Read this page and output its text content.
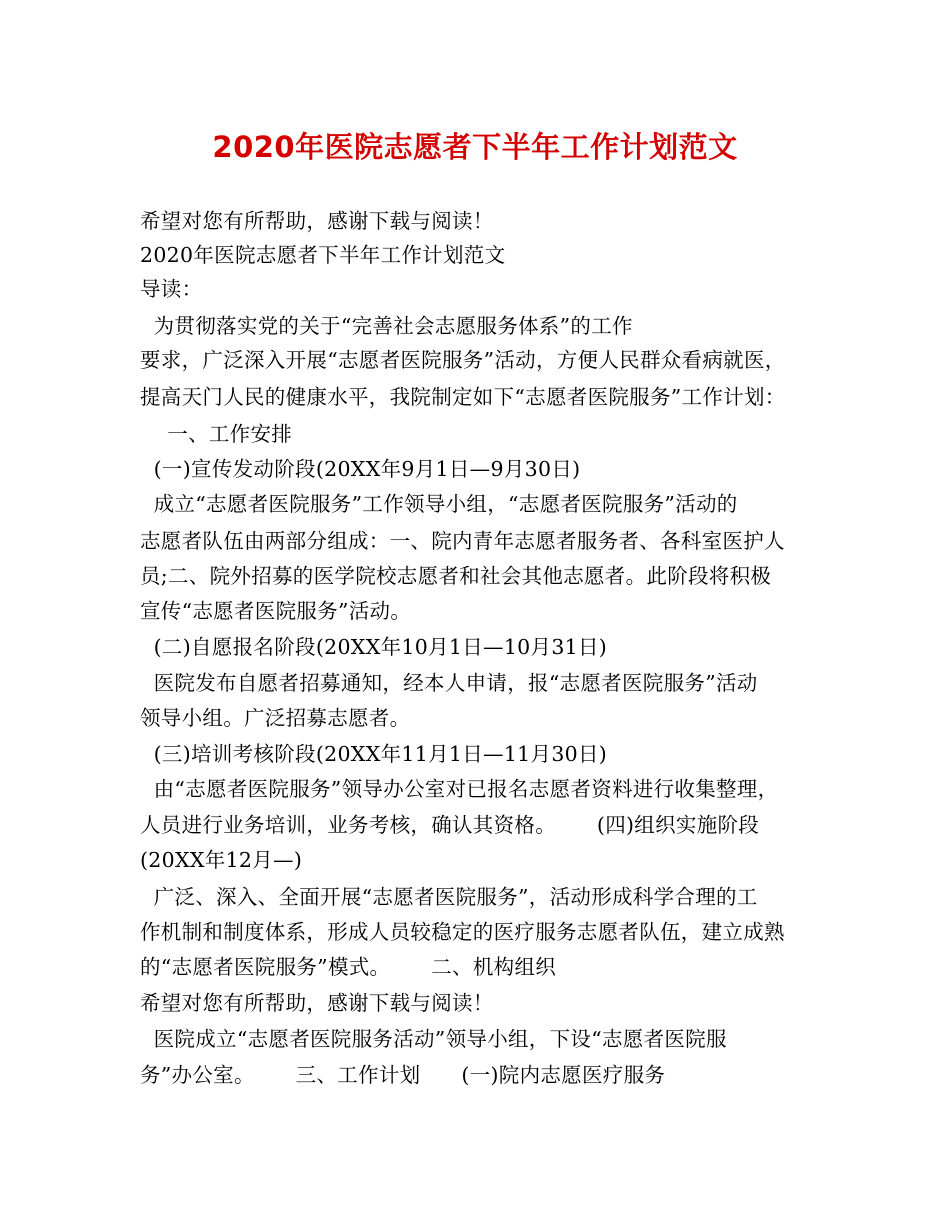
2020年医院志愿者下半年工作计划范文
希望对您有所帮助，感谢下载与阅读！
2020年医院志愿者下半年工作计划范文
导读：
为贯彻落实党的关于“完善社会志愿服务体系”的工作
要求，广泛深入开展“志愿者医院服务”活动，方便人民群众看病就医，
提高天门人民的健康水平，我院制定如下“志愿者医院服务”工作计划：
一、工作安排
(一)宣传发动阶段(20XX年9月1日—9月30日)
成立“志愿者医院服务”工作领导小组，“志愿者医院服务”活动的
志愿者队伍由两部分组成：一、院内青年志愿者服务者、各科室医护人
员;二、院外招募的医学院校志愿者和社会其他志愿者。此阶段将积极
宣传“志愿者医院服务”活动。
(二)自愿报名阶段(20XX年10月1日—10月31日)
医院发布自愿者招募通知，经本人申请，报“志愿者医院服务”活动
领导小组。广泛招募志愿者。
(三)培训考核阶段(20XX年11月1日—11月30日)
由“志愿者医院服务”领导办公室对已报名志愿者资料进行收集整理，
人员进行业务培训，业务考核，确认其资格。      (四)组织实施阶段
(20XX年12月—)
广泛、深入、全面开展“志愿者医院服务”，活动形成科学合理的工
作机制和制度体系，形成人员较稳定的医疗服务志愿者队伍，建立成熟
的“志愿者医院服务”模式。      二、机构组织
希望对您有所帮助，感谢下载与阅读！
医院成立“志愿者医院服务活动”领导小组，下设“志愿者医院服
务”办公室。      三、工作计划      (一)院内志愿医疗服务
